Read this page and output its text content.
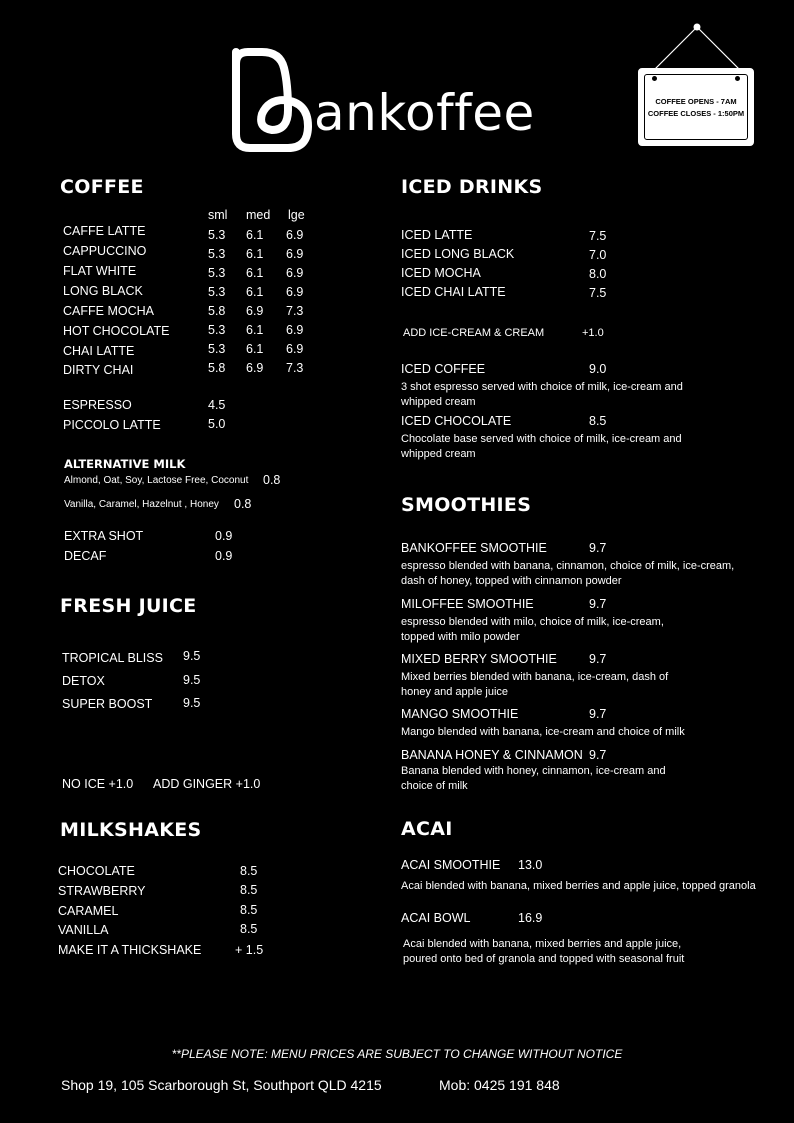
ankoffee	COFFEE OPENS - 7AM
COFFEE CLOSES - 1:50PM
COFFEE
sml med lge
CAFFE LATTE	5.3 6.1 6.9
CAPPUCCINO	5.3 6.1 6.9
FLAT WHITE	5.3 6.1 6.9
LONG BLACK	5.3 6.1 6.9
CAFFE MOCHA	5.8 6.9 7.3
HOT CHOCOLATE	5.3 6.1 6.9
CHAI LATTE	5.3 6.1 6.9
DIRTY CHAI	5.8 6.9 7.3
ESPRESSO	4.5
PICCOLO LATTE	5.0
ALTERNATIVE MILK
Almond, Oat, Soy, Lactose Free, Coconut 0.8
Vanilla, Caramel, Hazelnut , Honey 0.8
EXTRA SHOT	0.9
DECAF	0.9
FRESH JUICE
TROPICAL BLISS 9.5
DETOX	9.5
SUPER BOOST 9.5
NO ICE +1.0 ADD GINGER +1.0
MILKSHAKES
CHOCOLATE	8.5
STRAWBERRY	8.5
CARAMEL	8.5
VANILLA	8.5
MAKE IT A THICKSHAKE	+ 1.5
ICED DRINKS
ICED LATTE	7.5
ICED LONG BLACK	7.0
ICED MOCHA	8.0
ICED CHAI LATTE	7.5
ADD ICE-CREAM & CREAM	+1.0
ICED COFFEE	9.0
3 shot espresso served with choice of milk, ice-cream and whipped cream
ICED CHOCOLATE	8.5
Chocolate base served with choice of milk, ice-cream and whipped cream
SMOOTHIES
BANKOFFEE SMOOTHIE	9.7
espresso blended with banana, cinnamon, choice of milk, ice-cream, dash of honey, topped with cinnamon powder
MILOFFEE SMOOTHIE	9.7
espresso blended with milo, choice of milk, ice-cream, topped with milo powder
MIXED BERRY SMOOTHIE	9.7
Mixed berries blended with banana, ice-cream, dash of honey and apple juice
MANGO SMOOTHIE	9.7
Mango blended with banana, ice-cream and choice of milk
BANANA HONEY & CINNAMON 9.7
Banana blended with honey, cinnamon, ice-cream and choice of milk
ACAI
ACAI SMOOTHIE 13.0
Acai blended with banana, mixed berries and apple juice, topped granola
ACAI BOWL	16.9
Acai blended with banana, mixed berries and apple juice, poured onto bed of granola and topped with seasonal fruit
**PLEASE NOTE: MENU PRICES ARE SUBJECT TO CHANGE WITHOUT NOTICE
Shop 19, 105 Scarborough St, Southport QLD 4215	Mob: 0425 191 848
